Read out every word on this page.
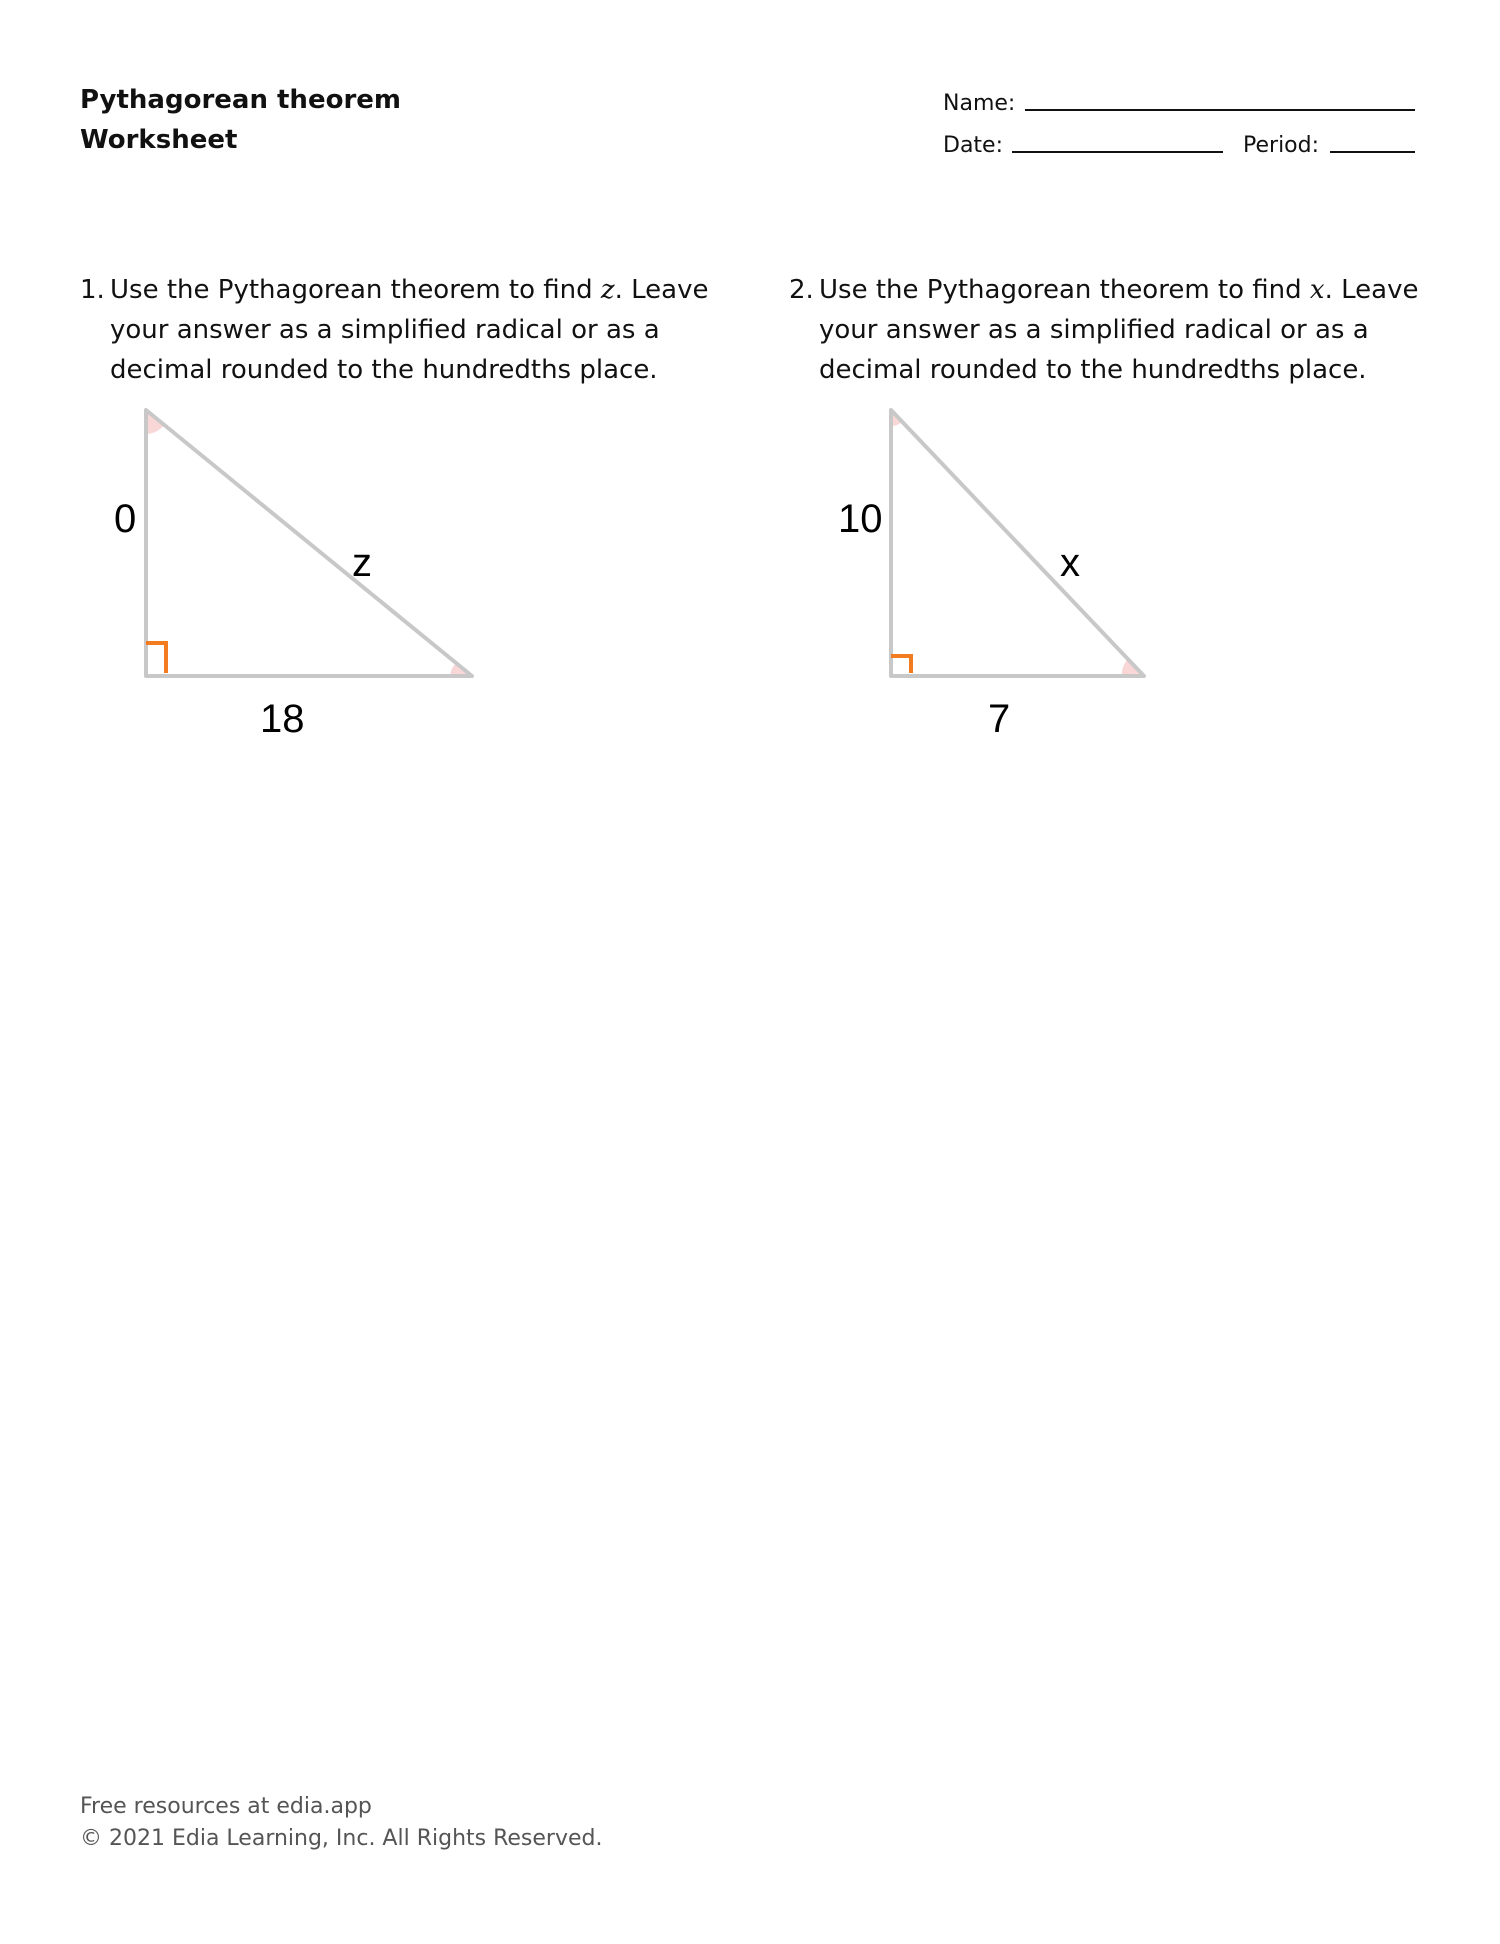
Pythagorean theorem
Worksheet
Name:
Date:	Period:
1. Use the Pythagorean theorem to find z. Leave your answer as a simplified radical or as a decimal rounded to the hundredths place.
0
z
18
2. Use the Pythagorean theorem to find x. Leave your answer as a simplified radical or as a decimal rounded to the hundredths place.
10
x
7
Free resources at edia.app
© 2021 Edia Learning, Inc. All Rights Reserved.
